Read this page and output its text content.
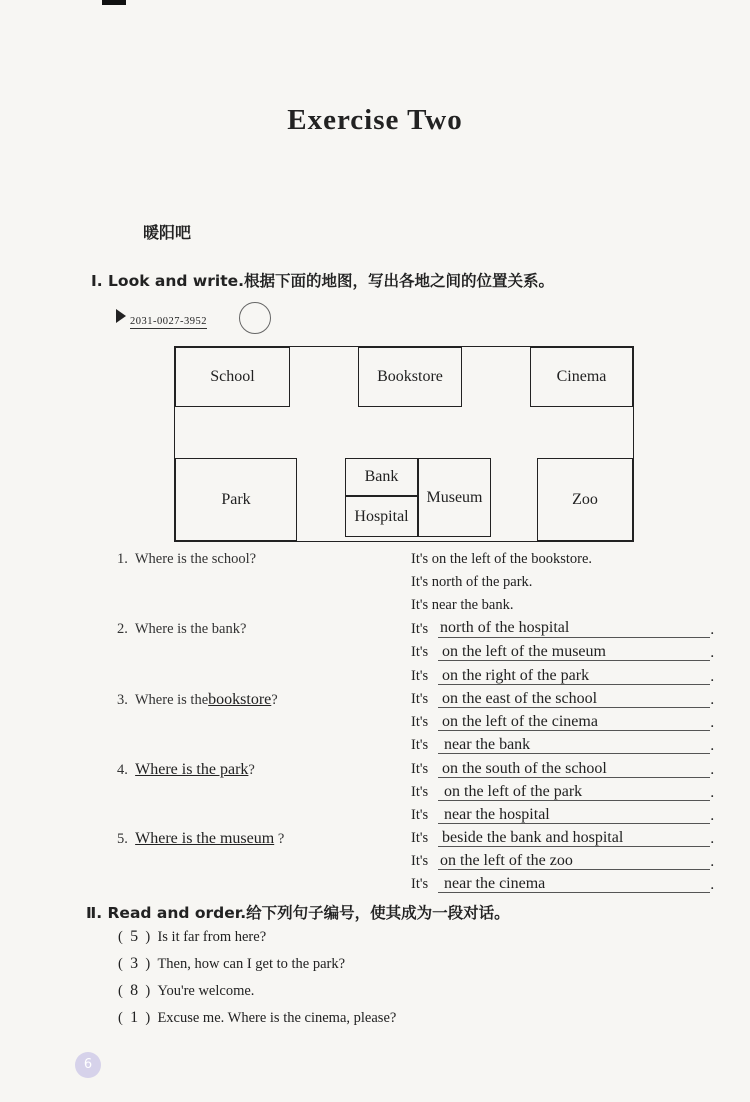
Exercise Two
暖阳吧
Ⅰ. Look and write.根据下面的地图，写出各地之间的位置关系。
2031-0027-3952
School	Bookstore	Cinema
Park
Bank
Hospital
Museum	Zoo
1. Where is the school?	It's on the left of the bookstore.
It's north of the park.
It's near the bank.
2. Where is the bank?	It's north of the hospital	.
It's on the left of the museum	.
It's on the right of the park	.
3. Where is thebookstore?	It's on the east of the school	.
It's on the left of the cinema	.
It's near the bank	.
4. Where is the park?	It's on the south of the school	.
It's on the left of the park	.
It's near the hospital	.
5. Where is the museum ?	It's beside the bank and hospital	.
It's on the left of the zoo	.
It's near the cinema	.
Ⅱ. Read and order.给下列句子编号，使其成为一段对话。
(  5  )  Is it far from here?
(  3  )  Then, how can I get to the park?
(  8  )  You're welcome.
(  1  )  Excuse me. Where is the cinema, please?
6
